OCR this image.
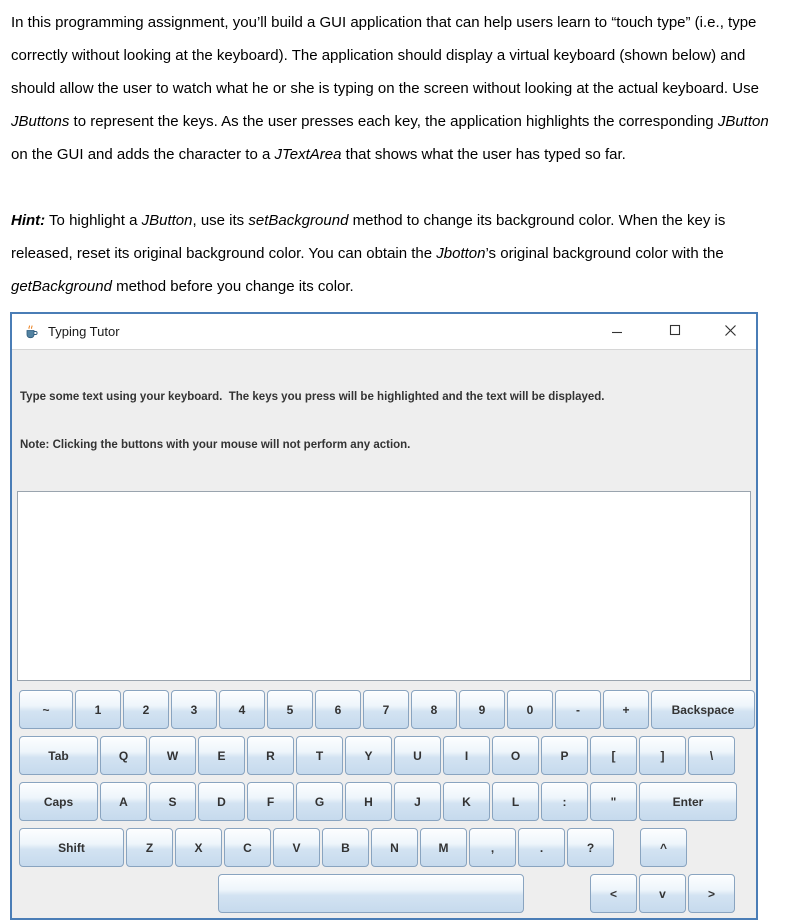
In this programming assignment, you’ll build a GUI application that can help users learn to “touch type” (i.e., type correctly without looking at the keyboard). The application should display a virtual keyboard (shown below) and should allow the user to watch what he or she is typing on the screen without looking at the actual keyboard. Use JButtons to represent the keys. As the user presses each key, the application highlights the corresponding JButton on the GUI and adds the character to a JTextArea that shows what the user has typed so far.

Hint: To highlight a JButton, use its setBackground method to change its background color. When the key is released, reset its original background color. You can obtain the Jbotton’s original background color with the getBackground method before you change its color.

Typing Tutor

Type some text using your keyboard.  The keys you press will be highlighted and the text will be displayed.

Note: Clicking the buttons with your mouse will not perform any action.

~	1	2	3	4	5	6	7	8	9	0	-	+	Backspace
Tab	Q	W	E	R	T	Y	U	I	O	P	[	]	\
Caps	A	S	D	F	G	H	J	K	L	:	"	Enter
Shift	Z	X	C	V	B	N	M	,	.	?	^
<	v	>
